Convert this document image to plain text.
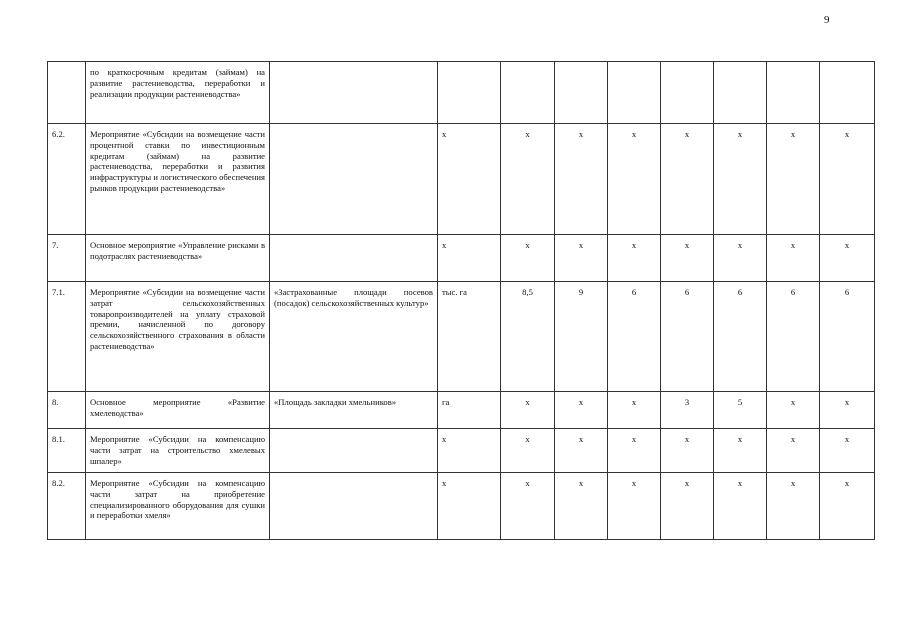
9
	по краткосрочным кредитам (займам) на развитие растениеводства, переработки и реализации продукции растениеводства»									
6.2.	Мероприятие «Субсидии на возмещение части процентной ставки по инвестиционным кредитам (займам) на развитие растениеводства, переработки и развития инфраструктуры и логистического обеспечения рынков продукции растениеводства»		х	х	х	х	х	х	х	х
7.	Основное мероприятие «Управление рисками в подотраслях растениеводства»		х	х	х	х	х	х	х	х
7.1.	Мероприятие «Субсидии на возмещение части затрат сельскохозяйственных товаропроизводителей на уплату страховой премии, начисленной по договору сельскохозяйственного страхования в области растениеводства»	«Застрахованные площади посевов (посадок) сельскохозяйственных культур»	тыс. га	8,5	9	6	6	6	6	6
8.	Основное мероприятие «Развитие хмелеводства»	«Площадь закладки хмельников»	га	х	х	х	3	5	х	х
8.1.	Мероприятие «Субсидии на компенсацию части затрат на строительство хмелевых шпалер»		х	х	х	х	х	х	х	х
8.2.	Мероприятие «Субсидии на компенсацию части затрат на приобретение специализированного оборудования для сушки и переработки хмеля»		х	х	х	х	х	х	х	х
